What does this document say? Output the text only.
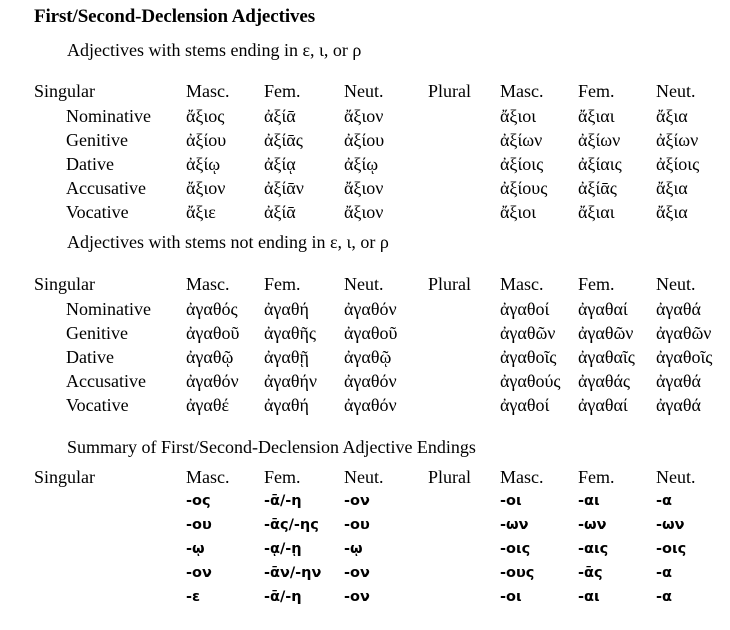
First/Second-Declension Adjectives
Adjectives with stems ending in ε, ι, or ρ
Singular	Masc.	Fem.	Neut.	Plural	Masc.	Fem.	Neut.
Nominative	ἄξιος	ἀξίᾱ	ἄξιον		ἄξιοι	ἄξιαι	ἄξια
Genitive	ἀξίου	ἀξίᾱς	ἀξίου		ἀξίων	ἀξίων	ἀξίων
Dative	ἀξίῳ	ἀξίᾳ	ἀξίῳ		ἀξίοις	ἀξίαις	ἀξίοις
Accusative	ἄξιον	ἀξίᾱν	ἄξιον		ἀξίους	ἀξίᾱς	ἄξια
Vocative	ἄξιε	ἀξίᾱ	ἄξιον		ἄξιοι	ἄξιαι	ἄξια
Adjectives with stems not ending in ε, ι, or ρ
Singular	Masc.	Fem.	Neut.	Plural	Masc.	Fem.	Neut.
Nominative	ἀγαθός	ἀγαθή	ἀγαθόν		ἀγαθοί	ἀγαθαί	ἀγαθά
Genitive	ἀγαθοῦ	ἀγαθῆς	ἀγαθοῦ		ἀγαθῶν	ἀγαθῶν	ἀγαθῶν
Dative	ἀγαθῷ	ἀγαθῇ	ἀγαθῷ		ἀγαθοῖς	ἀγαθαῖς	ἀγαθοῖς
Accusative	ἀγαθόν	ἀγαθήν	ἀγαθόν		ἀγαθούς	ἀγαθάς	ἀγαθά
Vocative	ἀγαθέ	ἀγαθή	ἀγαθόν		ἀγαθοί	ἀγαθαί	ἀγαθά
Summary of First/Second-Declension Adjective Endings
Singular	Masc.	Fem.	Neut.	Plural	Masc.	Fem.	Neut.
	-ος	-ᾱ/-η	-ον		-οι	-αι	-α
	-ου	-ᾱς/-ης	-ου		-ων	-ων	-ων
	-ῳ	-ᾳ/-ῃ	-ῳ		-οις	-αις	-οις
	-ον	-ᾱν/-ην	-ον		-ους	-ᾱς	-α
	-ε	-ᾱ/-η	-ον		-οι	-αι	-α
